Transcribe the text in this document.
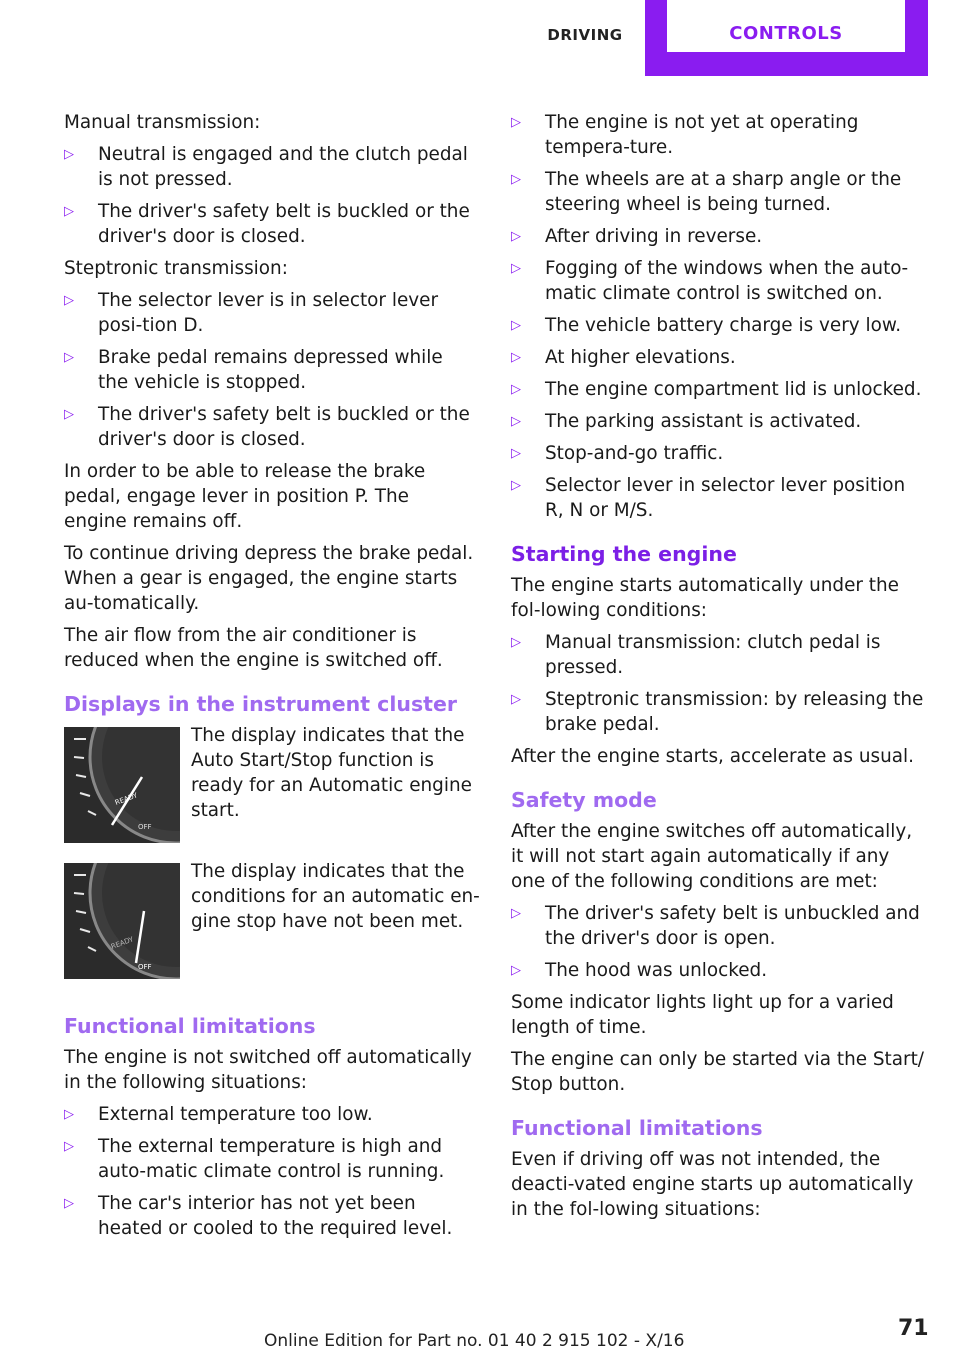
DRIVING	CONTROLS

Manual transmission:

▷ Neutral is engaged and the clutch pedal is not pressed.
▷ The driver's safety belt is buckled or the driver's door is closed.

Steptronic transmission:

▷ The selector lever is in selector lever posi‐tion D.
▷ Brake pedal remains depressed while the vehicle is stopped.
▷ The driver's safety belt is buckled or the driver's door is closed.

In order to be able to release the brake pedal, engage lever in position P. The engine remains off.

To continue driving depress the brake pedal. When a gear is engaged, the engine starts au‐tomatically.

The air flow from the air conditioner is reduced when the engine is switched off.

Displays in the instrument cluster
READY
OFF
The display indicates that the Auto Start/Stop function is ready for an Automatic engine start.
READY
OFF
The display indicates that the conditions for an automatic en‐gine stop have not been met.
Functional limitations

The engine is not switched off automatically in the following situations:

▷ External temperature too low.
▷ The external temperature is high and auto‐matic climate control is running.
▷ The car's interior has not yet been heated or cooled to the required level.
▷ The engine is not yet at operating tempera‐ture.
▷ The wheels are at a sharp angle or the steering wheel is being turned.
▷ After driving in reverse.
▷ Fogging of the windows when the auto‐matic climate control is switched on.
▷ The vehicle battery charge is very low.
▷ At higher elevations.
▷ The engine compartment lid is unlocked.
▷ The parking assistant is activated.
▷ Stop-and-go traffic.
▷ Selector lever in selector lever position R, N or M/S.
Starting the engine

The engine starts automatically under the fol‐lowing conditions:

▷ Manual transmission: clutch pedal is pressed.
▷ Steptronic transmission: by releasing the brake pedal.

After the engine starts, accelerate as usual.

Safety mode

After the engine switches off automatically, it will not start again automatically if any one of the following conditions are met:

▷ The driver's safety belt is unbuckled and the driver's door is open.
▷ The hood was unlocked.

Some indicator lights light up for a varied length of time.

The engine can only be started via the Start/ Stop button.

Functional limitations

Even if driving off was not intended, the deacti‐vated engine starts up automatically in the fol‐lowing situations:

Online Edition for Part no. 01 40 2 915 102 - X/16	71
